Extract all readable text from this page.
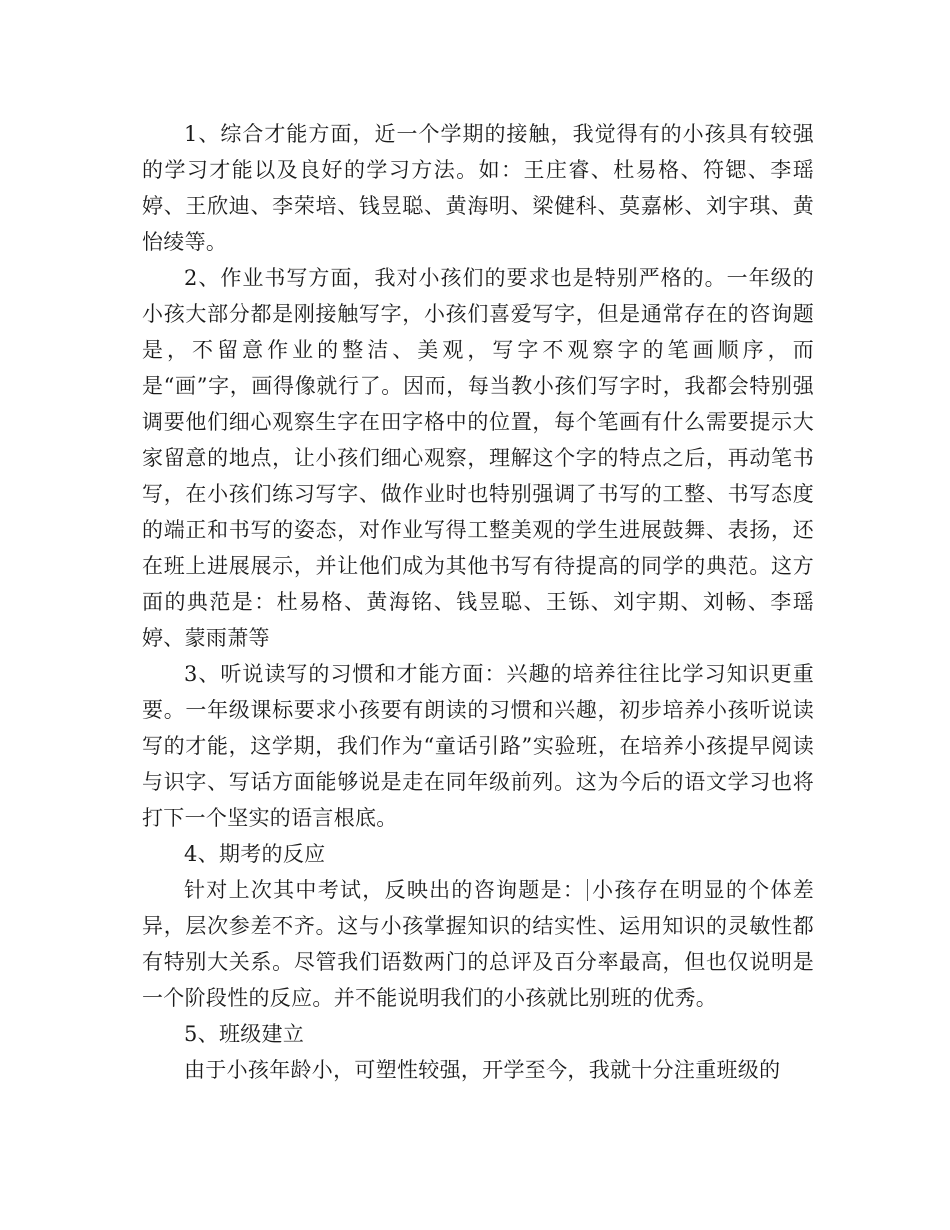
1、综合才能方面，近一个学期的接触，我觉得有的小孩具有较强的学习才能以及良好的学习方法。如：王庄睿、杜易格、符锶、李瑶婷、王欣迪、李荣培、钱昱聪、黄海明、梁健科、莫嘉彬、刘宇琪、黄怡绫等。

2、作业书写方面，我对小孩们的要求也是特别严格的。一年级的小孩大部分都是刚接触写字，小孩们喜爱写字，但是通常存在的咨询题是，不留意作业的整洁、美观，写字不观察字的笔画顺序，而是“画”字，画得像就行了。因而，每当教小孩们写字时，我都会特别强调要他们细心观察生字在田字格中的位置，每个笔画有什么需要提示大家留意的地点，让小孩们细心观察，理解这个字的特点之后，再动笔书写，在小孩们练习写字、做作业时也特别强调了书写的工整、书写态度的端正和书写的姿态，对作业写得工整美观的学生进展鼓舞、表扬，还在班上进展展示，并让他们成为其他书写有待提高的同学的典范。这方面的典范是：杜易格、黄海铭、钱昱聪、王铄、刘宇期、刘畅、李瑶婷、蒙雨萧等

3、听说读写的习惯和才能方面：兴趣的培养往往比学习知识更重要。一年级课标要求小孩要有朗读的习惯和兴趣，初步培养小孩听说读写的才能，这学期，我们作为“童话引路”实验班，在培养小孩提早阅读与识字、写话方面能够说是走在同年级前列。这为今后的语文学习也将打下一个坚实的语言根底。

4、期考的反应

针对上次其中考试，反映出的咨询题是： 小孩存在明显的个体差异，层次参差不齐。这与小孩掌握知识的结实性、运用知识的灵敏性都有特别大关系。尽管我们语数两门的总评及百分率最高，但也仅说明是一个阶段性的反应。并不能说明我们的小孩就比别班的优秀。

5、班级建立

由于小孩年龄小，可塑性较强，开学至今，我就十分注重班级的
